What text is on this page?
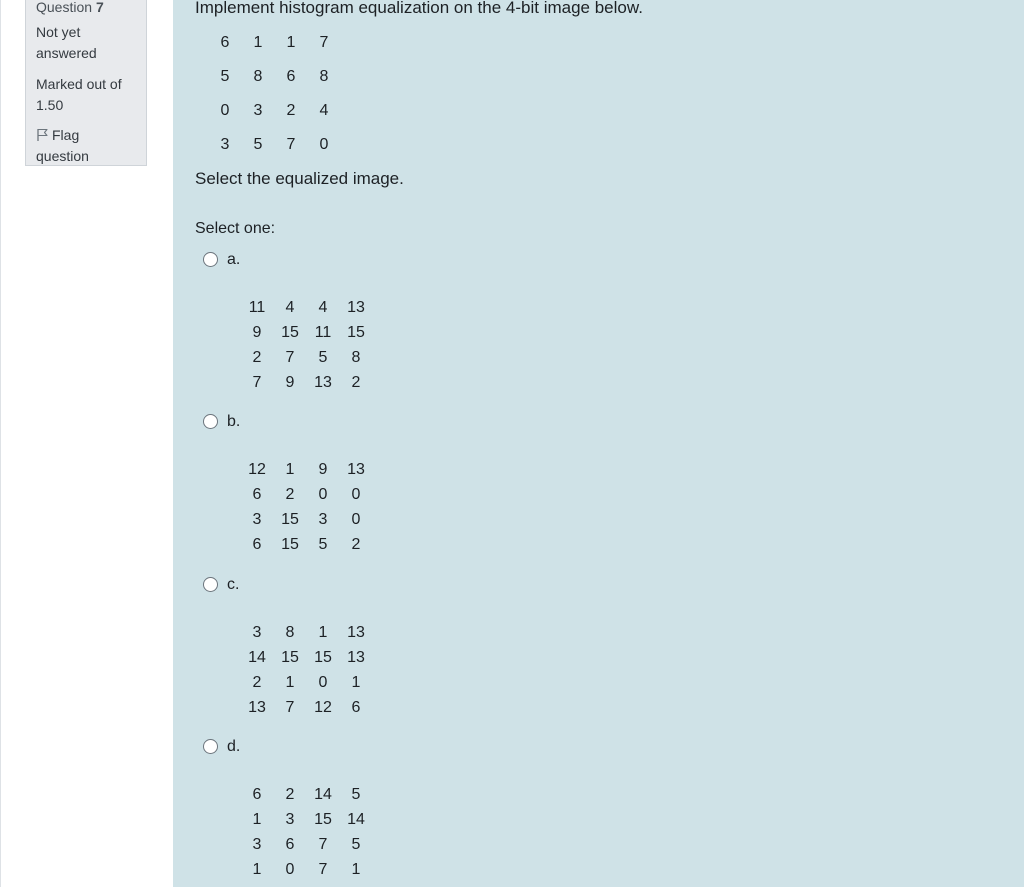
Question 7
Not yet answered
Marked out of 1.50
Flag question
Implement histogram equalization on the 4-bit image below.
6	1	1	7
5	8	6	8
0	3	2	4
3	5	7	0
Select the equalized image.
Select one:
a.
11	4	4	13
9	15 11 15
2	7	5	8
7	9	13	2
b.
12	1	9	13
6	2	0	0
3	15	3	0
6	15	5	2
c.
3	8	1	13
14 15 15 13
2	1	0	1
13	7	12	6
d.
6	2	14	5
1	3	15 14
3	6	7	5
1	0	7	1
